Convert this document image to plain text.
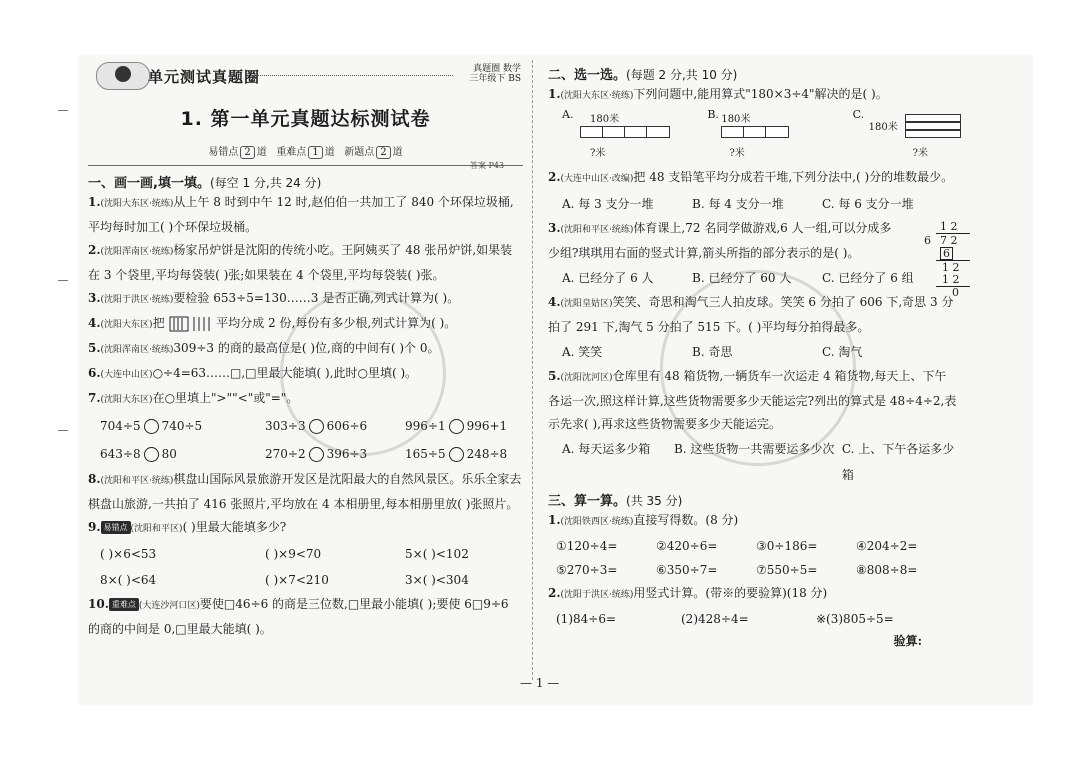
单元测试真题圈	真题圈 数学
三年级下 BS
1. 第一单元真题达标测试卷
易错点 2 道 重难点 1 道 新题点 2 道
一、画一画,填一填。(每空 1 分,共 24 分)

1.(沈阳大东区·统练)从上午 8 时到中午 12 时,赵伯伯一共加工了 840 个环保垃圾桶,平均每时加工( )个环保垃圾桶。

2.(沈阳浑南区·统练)杨家吊炉饼是沈阳的传统小吃。王阿姨买了 48 张吊炉饼,如果装在 3 个袋里,平均每袋装( )张;如果装在 4 个袋里,平均每袋装( )张。

3.(沈阳于洪区·统练)要检验 653÷5=130……3 是否正确,列式计算为( )。

4.(沈阳大东区)把	平均分成 2 份,每份有多少根,列式计算为( )。

5.(沈阳浑南区·统练)309÷3 的商的最高位是( )位,商的中间有( )个 0。

6.(大连中山区)○÷4=63……□,□里最大能填( ),此时○里填( )。

7.(沈阳大东区)在○里填上">""<"或"="。

704÷5 740÷5	303÷3 606÷6	996÷1 996+1
643÷8 80	270÷2 396÷3	165÷5 248÷8

8.(沈阳和平区·统练)棋盘山国际风景旅游开发区是沈阳最大的自然风景区。乐乐全家去棋盘山旅游,一共拍了 416 张照片,平均放在 4 本相册里,每本相册里放( )张照片。

9. 易错点 (沈阳和平区)( )里最大能填多少?

( )×6<53	( )×9<70	5×( )<102
8×( )<64	( )×7<210	3×( )<304

10. 重难点 (大连沙河口区)要使□46÷6 的商是三位数,□里最小能填( );要使 6□9÷6 的商的中间是 0,□里最大能填( )。

答案 P43
二、选一选。(每题 2 分,共 10 分)

1.(沈阳大东区·统练)下列问题中,能用算式"180×3÷4"解决的是( )。

A. 180米
?米
B. 180米
?米
C.
180米
?米

2.(大连中山区·改编)把 48 支铅笔平均分成若干堆,下列分法中,( )分的堆数最少。

A. 每 3 支分一堆	B. 每 4 支分一堆	C. 每 6 支分一堆

3.(沈阳和平区·统练)体育课上,72 名同学做游戏,6 人一组,可以分成多少组?琪琪用右面的竖式计算,箭头所指的部分表示的是( )。

A. 已经分了 6 人	B. 已经分了 60 人	C. 已经分了 6 组

4.(沈阳皇姑区)笑笑、奇思和淘气三人拍皮球。笑笑 6 分拍了 606 下,奇思 3 分拍了 291 下,淘气 5 分拍了 515 下。( )平均每分拍得最多。

A. 笑笑	B. 奇思	C. 淘气

5.(沈阳沈河区)仓库里有 48 箱货物,一辆货车一次运走 4 箱货物,每天上、下午各运一次,照这样计算,这些货物需要多少天能运完?列出的算式是 48÷4÷2,表示先求( ),再求这些货物需要多少天能运完。

A. 每天运多少箱	B. 这些货物一共需要运多少次 C. 上、下午各运多少箱
三、算一算。(共 35 分)

1.(沈阳铁西区·统练)直接写得数。(8 分)

①120÷4=	②420÷6=	③0÷186=	④204÷2=
⑤270÷3=	⑥350÷7=	⑦550÷5=	⑧808÷8=

2.(沈阳于洪区·统练)用竖式计算。(带※的要验算)(18 分)

(1)84÷6=	(2)428÷4=	※(3)805÷5=
验算:
1 2
6 7 2
6
1 2
1 2
0
— 1 —
